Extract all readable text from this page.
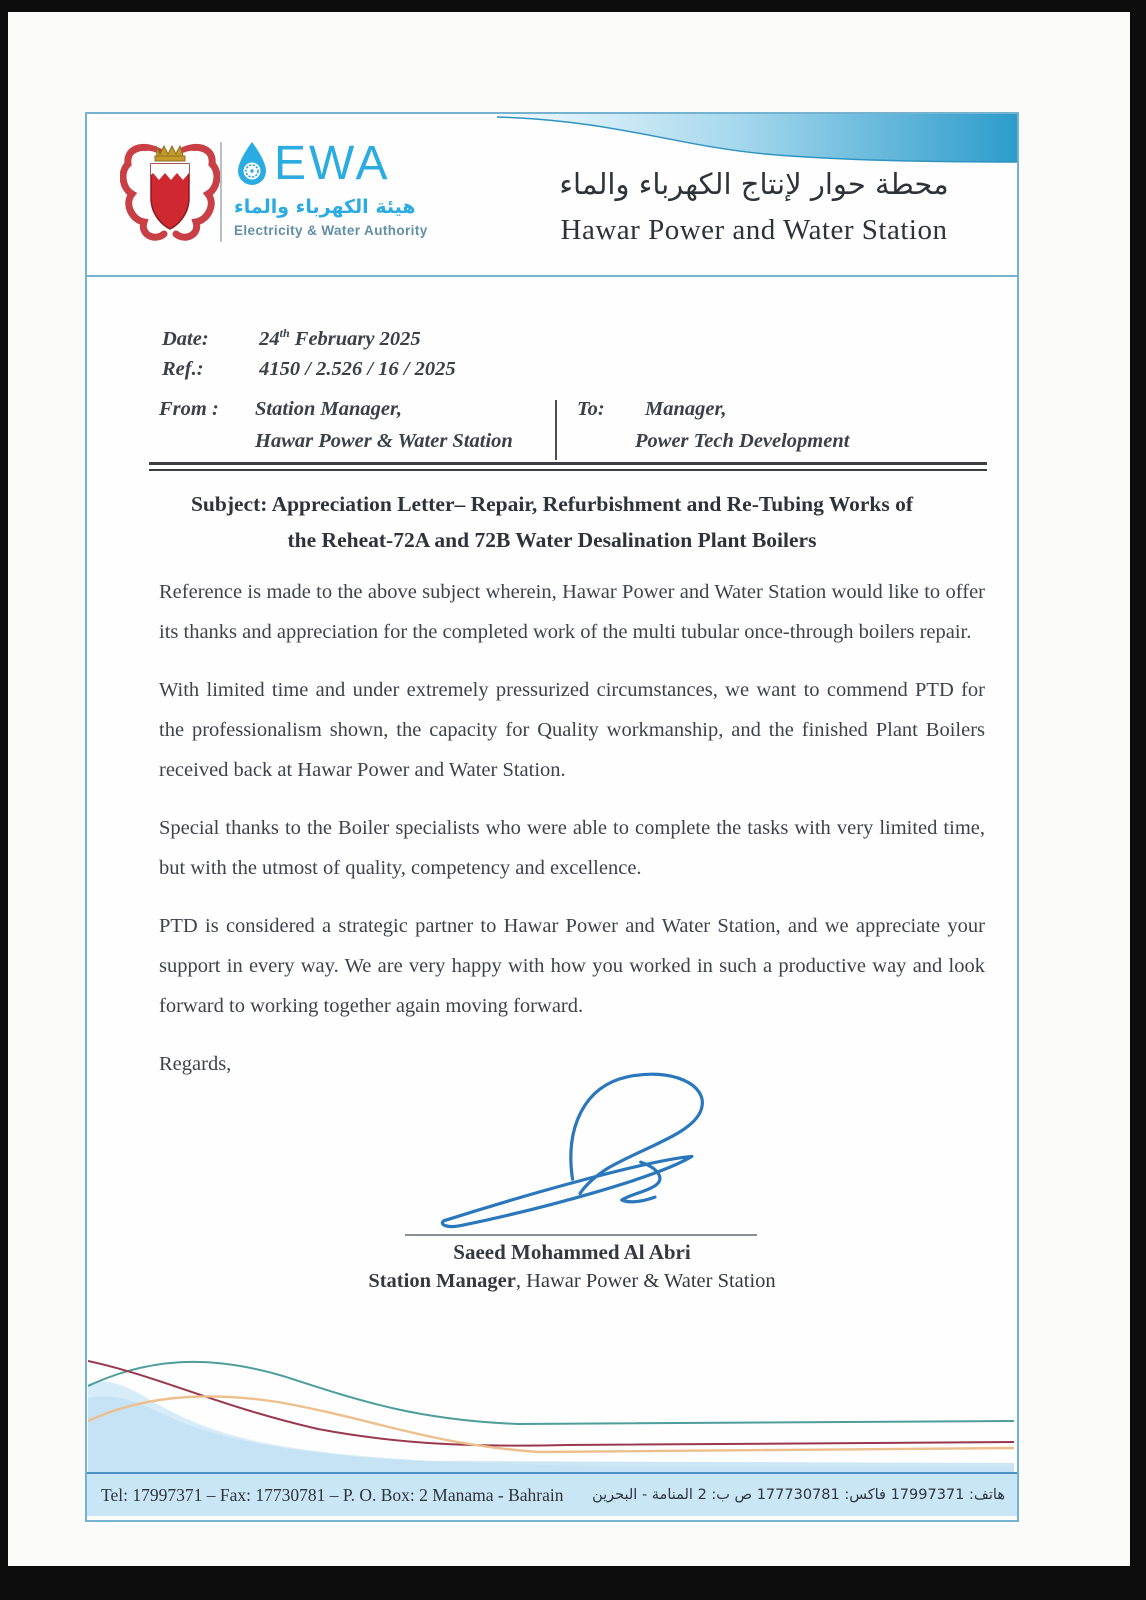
EWA
هيئة الكهرباء والماء
Electricity & Water Authority
محطة حوار لإنتاج الكهرباء والماء
Hawar Power and Water Station
Date: 24th February 2025
Ref.:	4150 / 2.526 / 16 / 2025
From : Station Manager,
Hawar Power & Water Station
To: Manager,
Power Tech Development
Subject: Appreciation Letter– Repair, Refurbishment and Re-Tubing Works of
the Reheat-72A and 72B Water Desalination Plant Boilers

Reference is made to the above subject wherein, Hawar Power and Water Station would like to offer its thanks and appreciation for the completed work of the multi tubular once-through boilers repair.

With limited time and under extremely pressurized circumstances, we want to commend PTD for the professionalism shown, the capacity for Quality workmanship, and the finished Plant Boilers received back at Hawar Power and Water Station.

Special thanks to the Boiler specialists who were able to complete the tasks with very limited time, but with the utmost of quality, competency and excellence.

PTD is considered a strategic partner to Hawar Power and Water Station, and we appreciate your support in every way. We are very happy with how you worked in such a productive way and look forward to working together again moving forward.

Regards,

Saeed Mohammed Al Abri
Station Manager, Hawar Power & Water Station
Tel: 17997371 – Fax: 17730781 – P. O. Box: 2 Manama - Bahrain هاتف: 17997371 فاكس: 177730781 ص ب: 2 المنامة - البحرين
